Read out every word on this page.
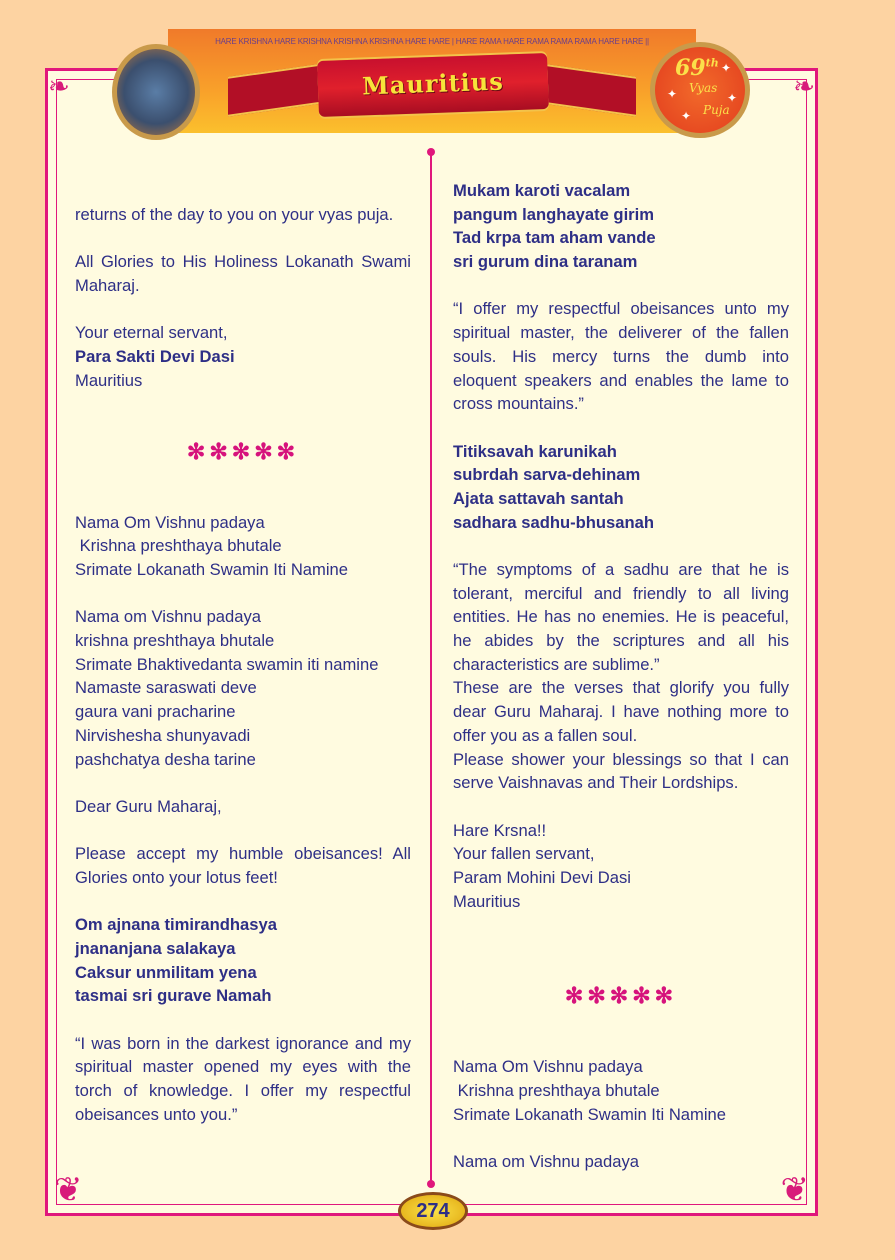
❦	❦
❧	❧
HARE KRISHNA HARE KRISHNA KRISHNA KRISHNA HARE HARE | HARE RAMA HARE RAMA RAMA RAMA HARE HARE ||
Mauritius	69th
Vyas
Puja
✦
✦	✦
✦
returns of the day to you on your vyas puja.
All Glories to His Holiness Lokanath Swami
Maharaj.
Your eternal servant,
Para Sakti Devi Dasi
Mauritius
✻✻✻✻✻
Nama Om Vishnu padaya
Krishna preshthaya bhutale
Srimate Lokanath Swamin Iti Namine
Nama om Vishnu padaya
krishna preshthaya bhutale
Srimate Bhaktivedanta swamin iti namine
Namaste saraswati deve
gaura vani pracharine
Nirvishesha shunyavadi
pashchatya desha tarine
Dear Guru Maharaj,
Please accept my humble obeisances! All
Glories onto your lotus feet!
Om ajnana timirandhasya
jnananjana salakaya
Caksur unmilitam yena
tasmai sri gurave Namah
“I was born in the darkest ignorance and my
spiritual master opened my eyes with the
torch of knowledge. I offer my respectful
obeisances unto you.”
Mukam karoti vacalam
pangum langhayate girim
Tad krpa tam aham vande
sri gurum dina taranam
“I offer my respectful obeisances unto my
spiritual master, the deliverer of the fallen
souls. His mercy turns the dumb into
eloquent speakers and enables the lame to
cross mountains.”
Titiksavah karunikah
subrdah sarva-dehinam
Ajata sattavah santah
sadhara sadhu-bhusanah
“The symptoms of a sadhu are that he is
tolerant, merciful and friendly to all living
entities. He has no enemies. He is peaceful,
he abides by the scriptures and all his
characteristics are sublime.”
These are the verses that glorify you fully
dear Guru Maharaj. I have nothing more to
offer you as a fallen soul.
Please shower your blessings so that I can
serve Vaishnavas and Their Lordships.
Hare Krsna!!
Your fallen servant,
Param Mohini Devi Dasi
Mauritius
✻✻✻✻✻
Nama Om Vishnu padaya
Krishna preshthaya bhutale
Srimate Lokanath Swamin Iti Namine
Nama om Vishnu padaya
274
